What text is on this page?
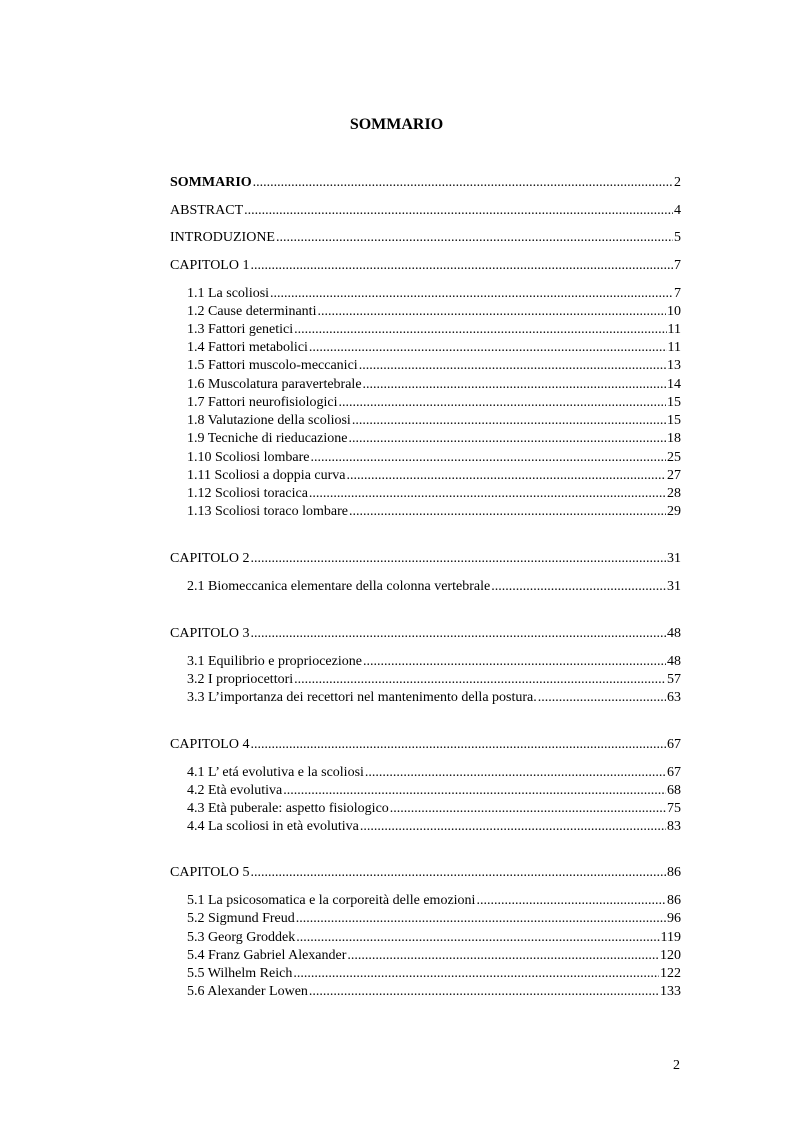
SOMMARIO
SOMMARIO .....	2
ABSTRACT .....	4
INTRODUZIONE .....	5
CAPITOLO 1 .....	7
1.1 La scoliosi .....	7
1.2 Cause determinanti .....	10
1.3 Fattori genetici .....	11
1.4 Fattori metabolici .....	11
1.5 Fattori muscolo-meccanici .....	13
1.6 Muscolatura paravertebrale .....	14
1.7 Fattori neurofisiologici .....	15
1.8 Valutazione della scoliosi .....	15
1.9 Tecniche di rieducazione .....	18
1.10 Scoliosi lombare .....	25
1.11 Scoliosi a doppia curva .....	27
1.12 Scoliosi toracica .....	28
1.13 Scoliosi toraco lombare .....	29
CAPITOLO 2 .....	31
2.1 Biomeccanica elementare della colonna vertebrale .....	31
CAPITOLO 3 .....	48
3.1 Equilibrio e propriocezione .....	48
3.2 I propriocettori .....	57
3.3 L’importanza dei recettori nel mantenimento della postura. .....	63
CAPITOLO 4 .....	67
4.1 L’ etá evolutiva e la scoliosi .....	67
4.2 Età evolutiva .....	68
4.3 Età puberale: aspetto fisiologico .....	75
4.4 La scoliosi in età evolutiva .....	83
CAPITOLO 5 .....	86
5.1 La psicosomatica e la corporeità delle emozioni .....	86
5.2 Sigmund Freud .....	96
5.3 Georg Groddek .....	119
5.4 Franz Gabriel Alexander .....	120
5.5 Wilhelm Reich .....	122
5.6 Alexander Lowen .....	133
2
